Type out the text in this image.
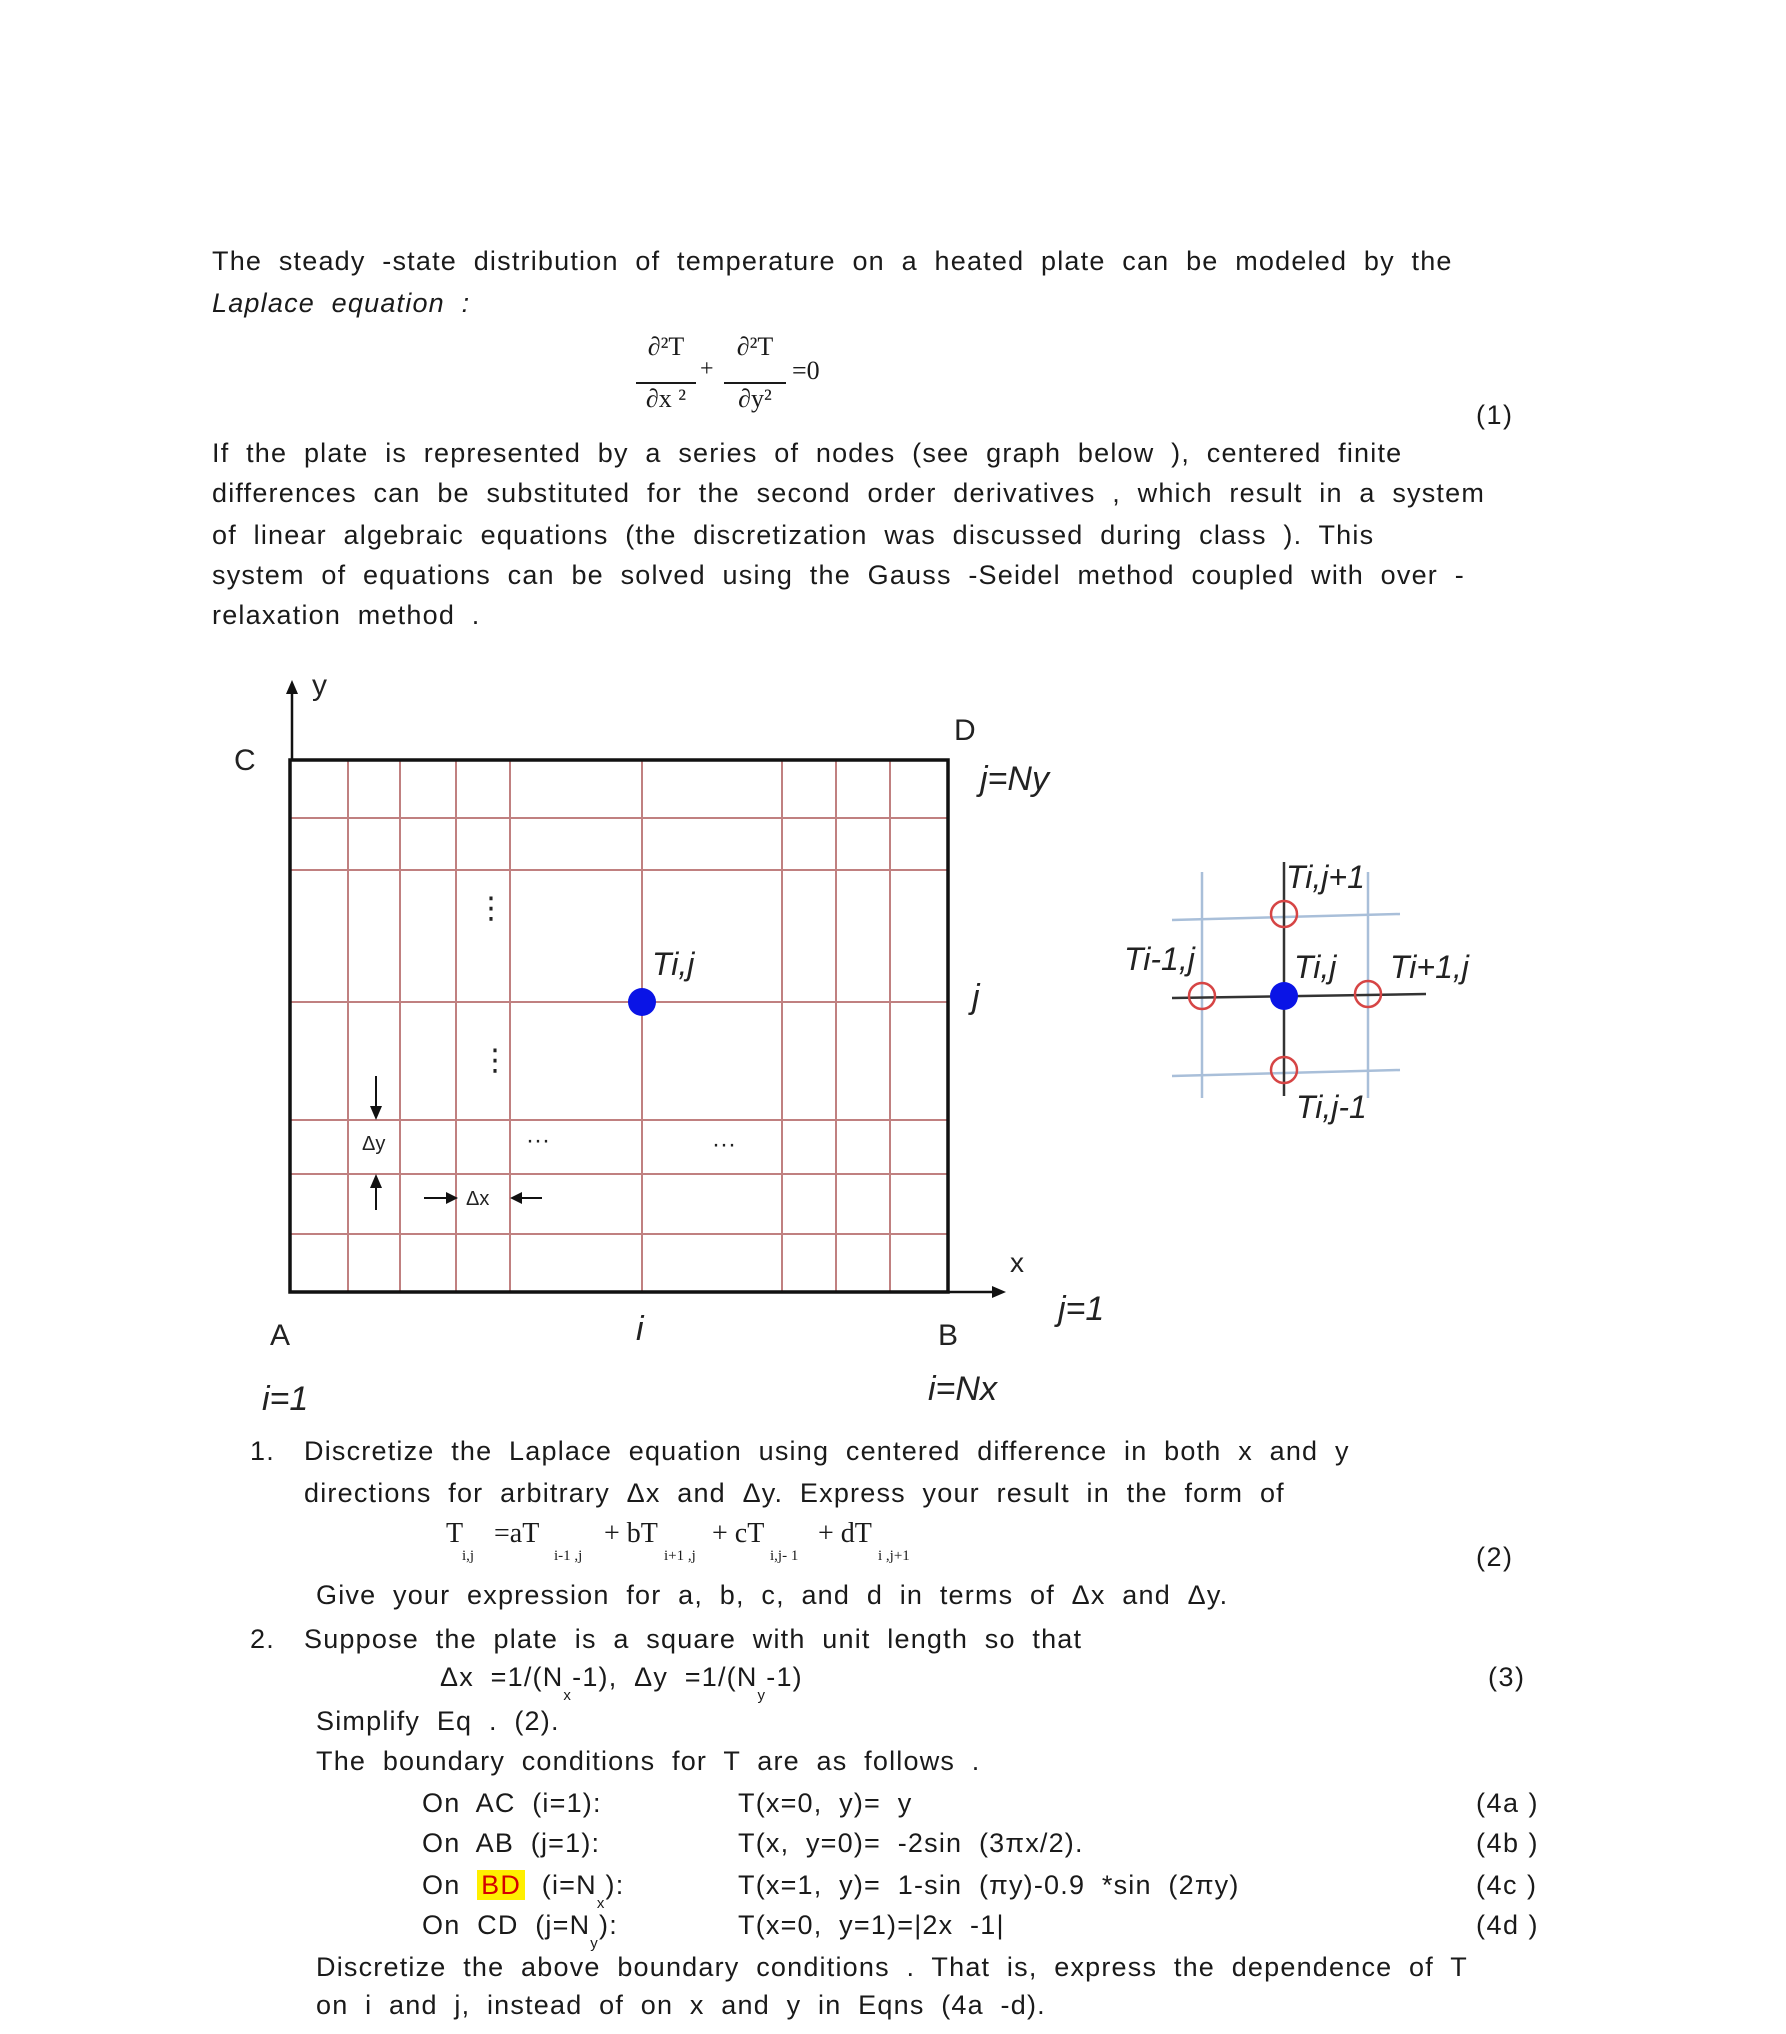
The steady -state distribution of temperature on a heated plate can be modeled by the
Laplace equation :
∂²T
∂x ²
+
∂²T
∂y²
=0
(1)
If the plate is represented by a series of nodes (see graph below ), centered finite
differences can be substituted for the second order derivatives , which result in a system
of linear algebraic equations (the discretization was discussed during class ). This
system of equations can be solved using the Gauss -Seidel method coupled with over -
relaxation method .
y
x
C
D
A	B
j=Ny
j
j=1
i
i=1	i=Nx
Ti,j
⋮
⋮
···	···
Δy
Δx
Ti,j+1
Ti-1,j	Ti,j Ti+1,j
Ti,j-1
1. Discretize the Laplace equation using centered difference in both x and y
directions for arbitrary Δx and Δy. Express your result in the form of
T
i,j
=aT
i-1 ,j
+ bT
i+1 ,j
+ cT
i,j- 1
+ dT
i ,j+1	(2)
Give your expression for a, b, c, and d in terms of Δx and Δy.
2. Suppose the plate is a square with unit length so that
$\Delta x =1/(N_x-1)$, $\Delta y =1/(N_y-1)$	(3)
Simplify Eq . (2).
The boundary conditions for T are as follows .
On AC (i=1):	T(x=0, y)= y	(4a )
On AB (j=1):	T(x, y=0)= -2sin (3πx/2).	(4b )
On BD $(i=N_x)$:	T(x=1, y)= 1-sin (πy)-0.9 *sin (2πy)	(4c )
On CD $(j=N_y)$:	T(x=0, y=1)=|2x -1|	(4d )
Discretize the above boundary conditions . That is, express the dependence of T
on i and j, instead of on x and y in Eqns (4a -d).
